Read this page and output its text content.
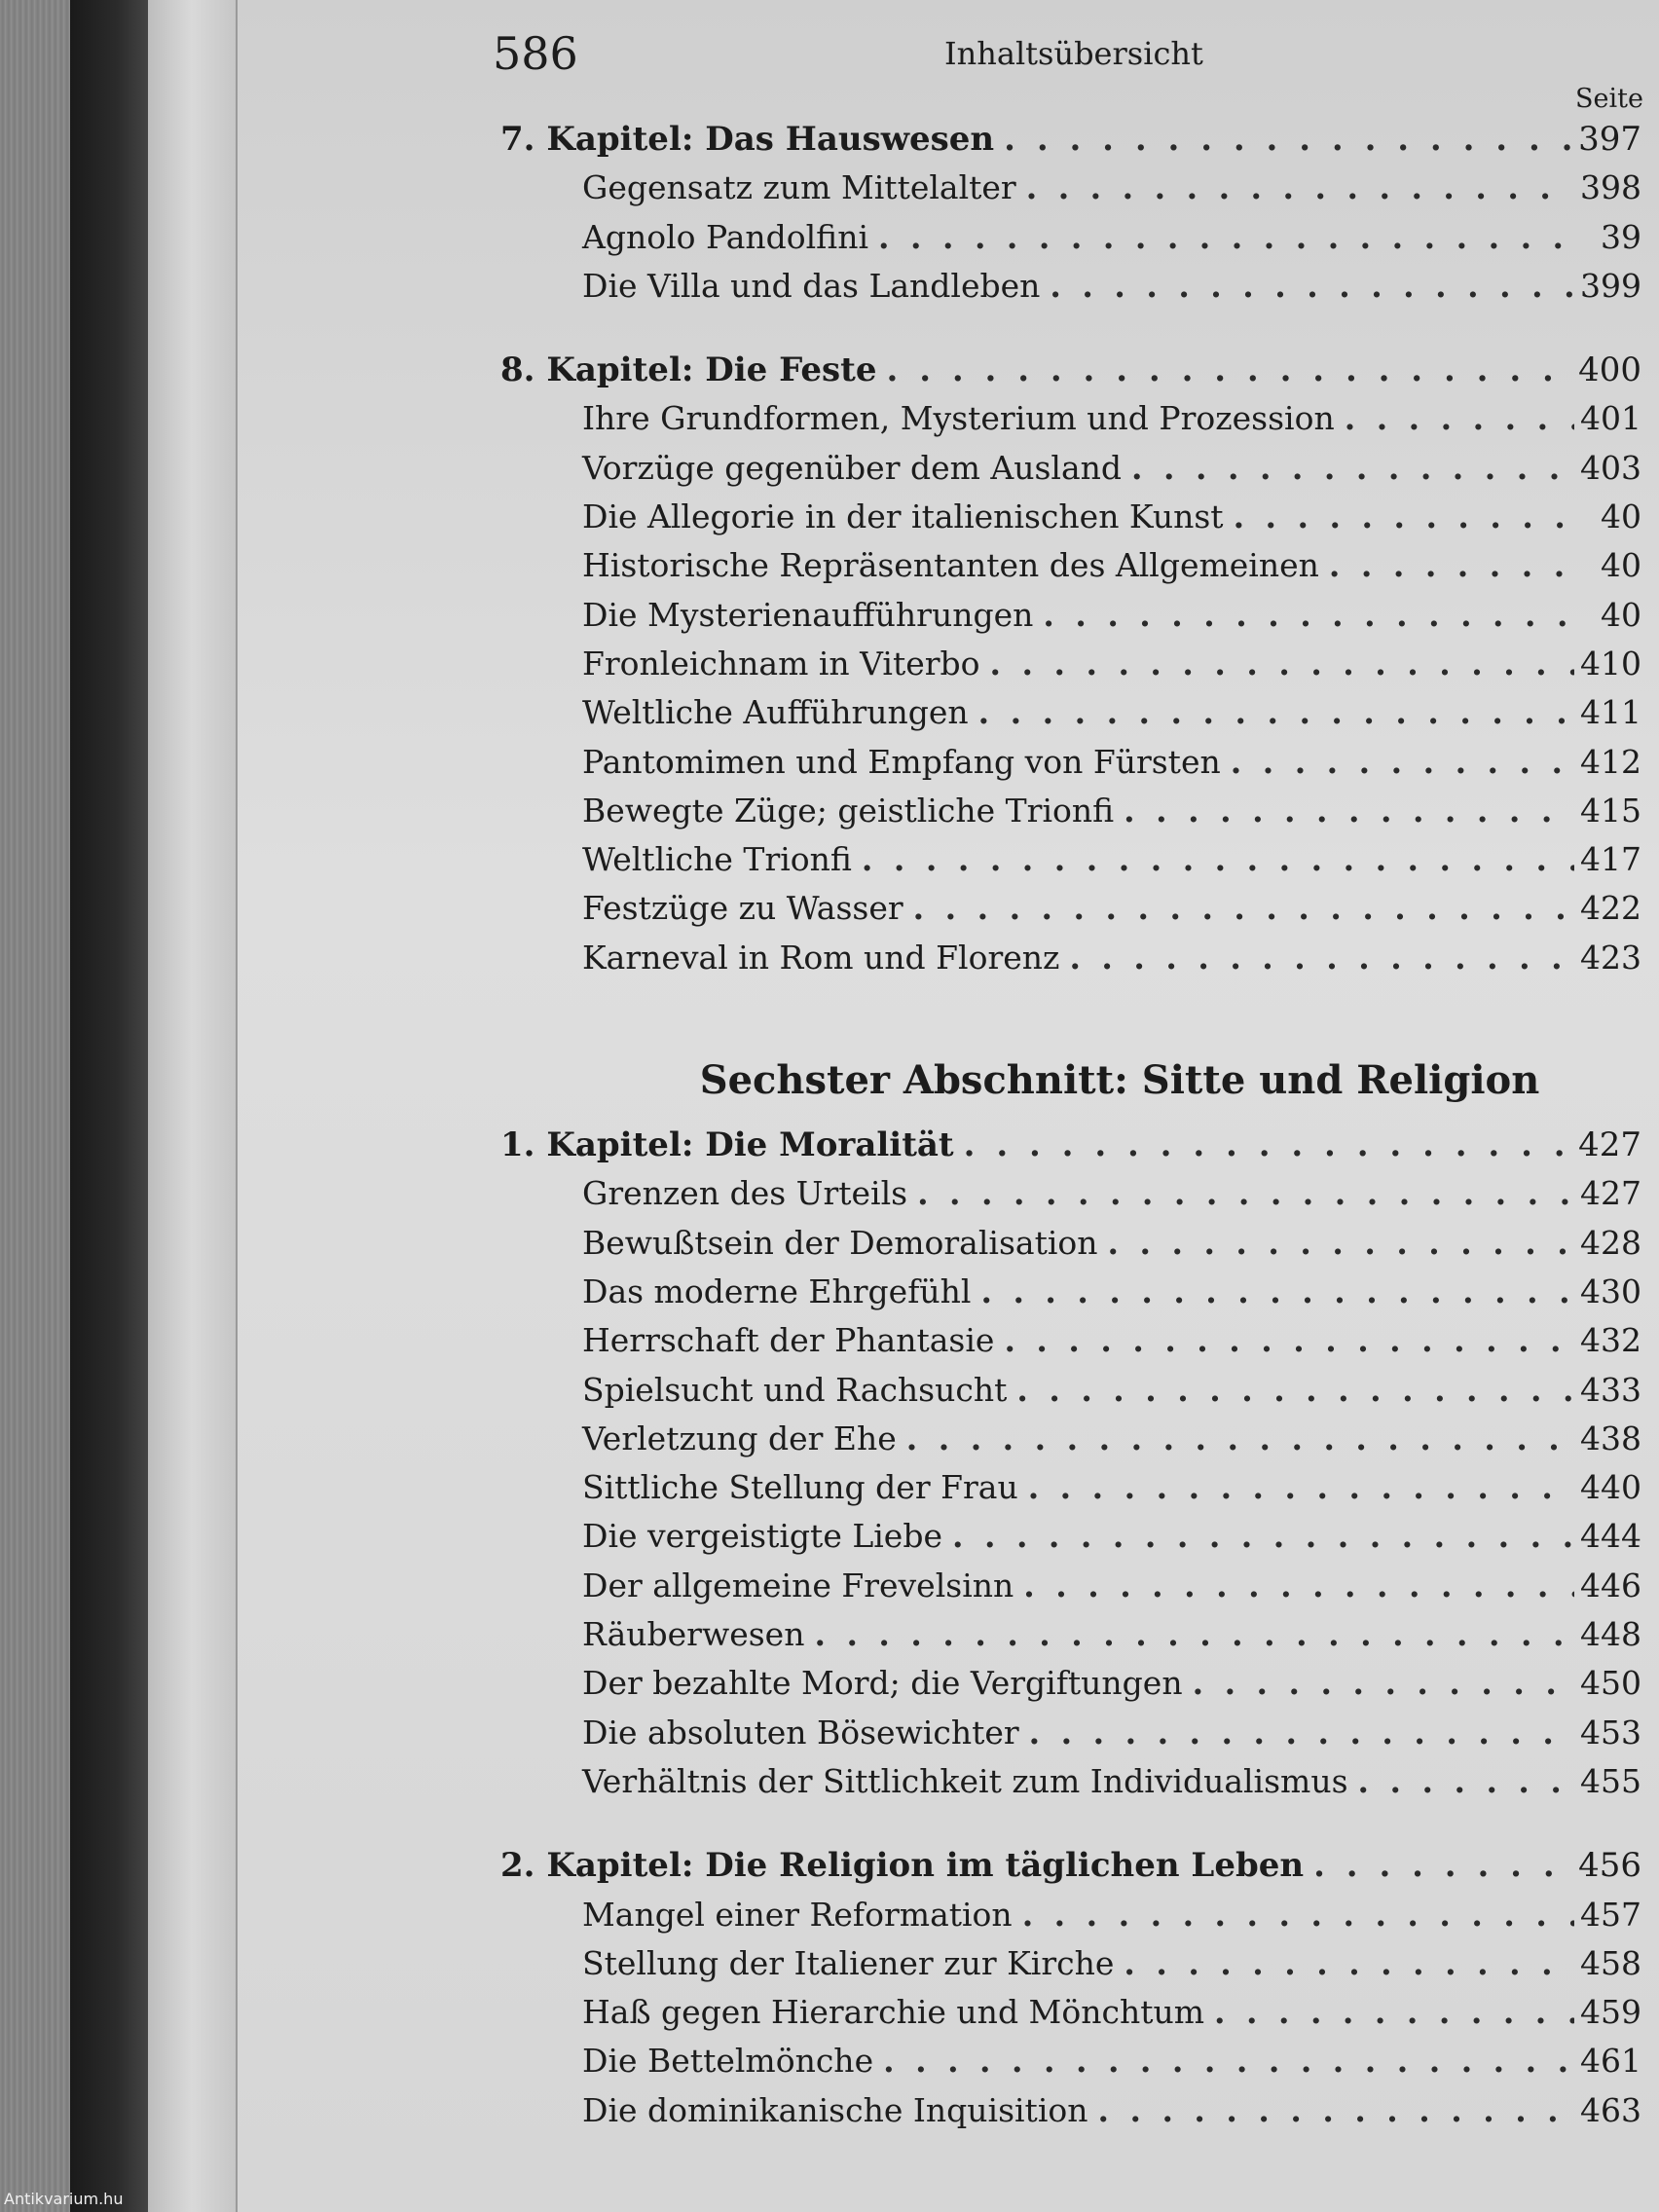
586	Inhaltsübersicht
Seite
7. Kapitel: Das Hauswesen . . .	397
Gegensatz zum Mittelalter . . .	398
Agnolo Pandolfini . . .	39
Die Villa und das Landleben . . .	399
8. Kapitel: Die Feste . . .	400
Ihre Grundformen, Mysterium und Prozession . . .	401
Vorzüge gegenüber dem Ausland . . .	403
Die Allegorie in der italienischen Kunst . . .	40
Historische Repräsentanten des Allgemeinen . . .	40
Die Mysterienaufführungen . . .	40
Fronleichnam in Viterbo . . .	410
Weltliche Aufführungen . . .	411
Pantomimen und Empfang von Fürsten . . .	412
Bewegte Züge; geistliche Trionfi . . .	415
Weltliche Trionfi . . .	417
Festzüge zu Wasser . . .	422
Karneval in Rom und Florenz . . .	423
Sechster Abschnitt: Sitte und Religion
1. Kapitel: Die Moralität . . .	427
Grenzen des Urteils . . .	427
Bewußtsein der Demoralisation . . .	428
Das moderne Ehrgefühl . . .	430
Herrschaft der Phantasie . . .	432
Spielsucht und Rachsucht . . .	433
Verletzung der Ehe . . .	438
Sittliche Stellung der Frau . . .	440
Die vergeistigte Liebe . . .	444
Der allgemeine Frevelsinn . . .	446
Räuberwesen . . .	448
Der bezahlte Mord; die Vergiftungen . . .	450
Die absoluten Bösewichter . . .	453
Verhältnis der Sittlichkeit zum Individualismus . . .	455
2. Kapitel: Die Religion im täglichen Leben . . .	456
Mangel einer Reformation . . .	457
Stellung der Italiener zur Kirche . . .	458
Haß gegen Hierarchie und Mönchtum . . .	459
Die Bettelmönche . . .	461
Die dominikanische Inquisition . . .	463
Antikvarium.hu
